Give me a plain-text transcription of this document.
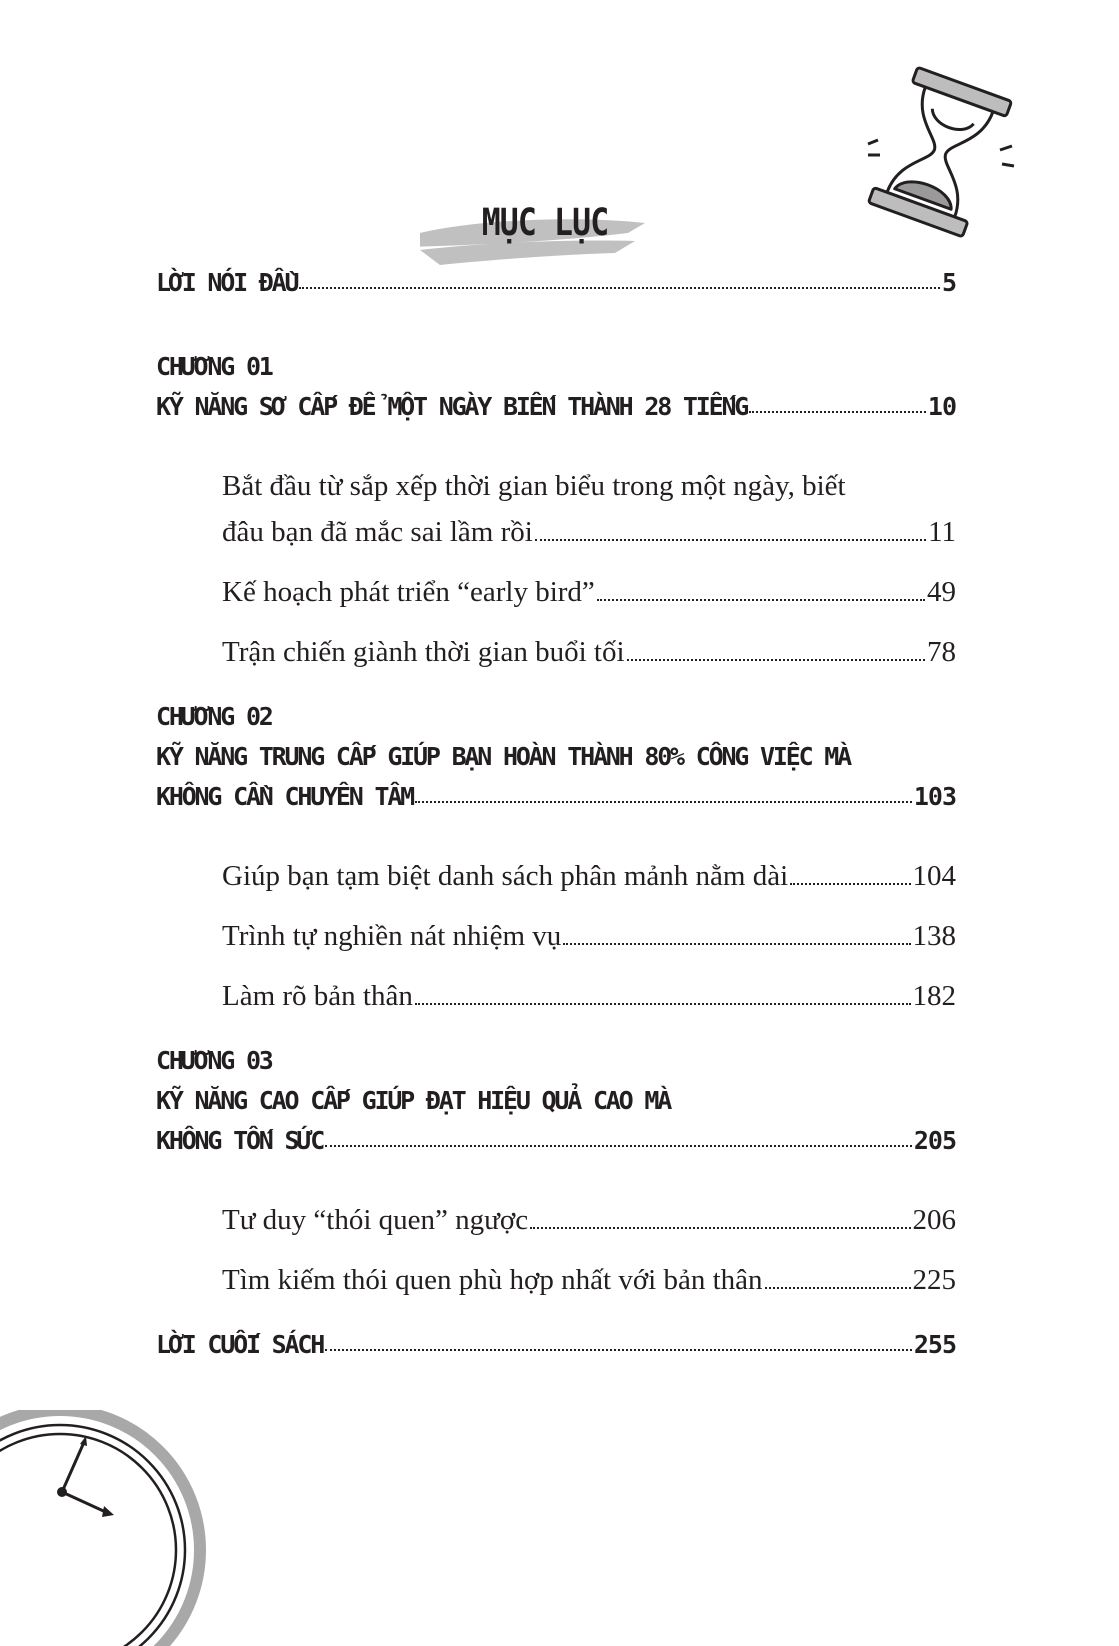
MỤC LỤC
LỜI NÓI ĐẦU	5
CHƯƠNG 01
KỸ NĂNG SƠ CẤP ĐỂ MỘT NGÀY BIẾN THÀNH 28 TIẾNG	10
Bắt đầu từ sắp xếp thời gian biểu trong một ngày, biết
đâu bạn đã mắc sai lầm rồi	11
Kế hoạch phát triển “early bird”	49
Trận chiến giành thời gian buổi tối	78
CHƯƠNG 02
KỸ NĂNG TRUNG CẤP GIÚP BẠN HOÀN THÀNH 80% CÔNG VIỆC MÀ
KHÔNG CẦN CHUYÊN TÂM	103
Giúp bạn tạm biệt danh sách phân mảnh nằm dài	104
Trình tự nghiền nát nhiệm vụ	138
Làm rõ bản thân	182
CHƯƠNG 03
KỸ NĂNG CAO CẤP GIÚP ĐẠT HIỆU QUẢ CAO MÀ
KHÔNG TỐN SỨC	205
Tư duy “thói quen” ngược	206
Tìm kiếm thói quen phù hợp nhất với bản thân	225
LỜI CUỐI SÁCH	255
